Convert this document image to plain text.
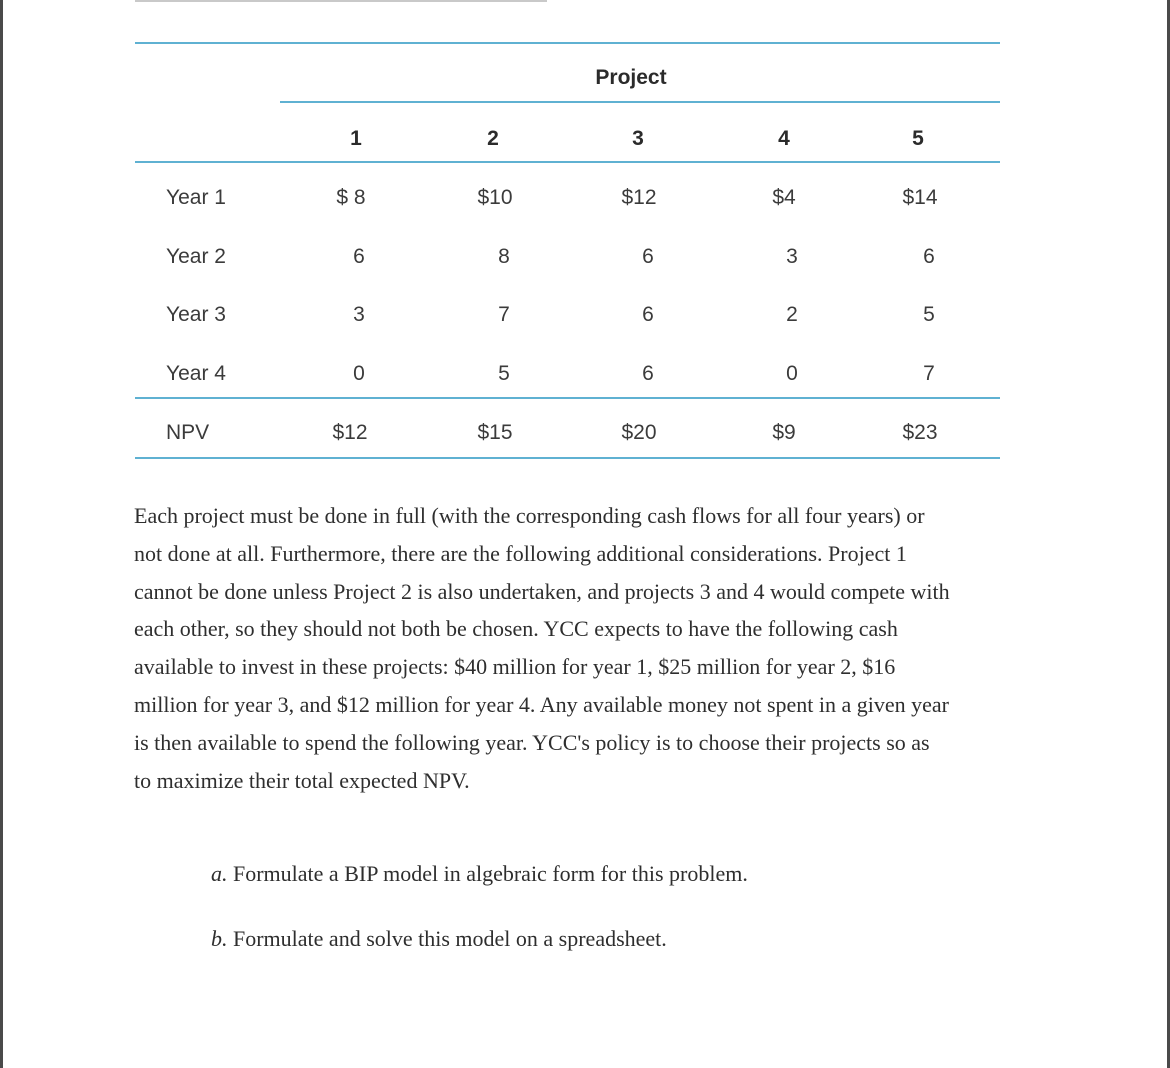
Project
1	2	3	4	5
Year 1	$ 8	$10	$12	$4	$14
Year 2	6	8	6	3	6
Year 3	3	7	6	2	5
Year 4	0	5	6	0	7
NPV	$12	$15	$20	$9	$23
Each project must be done in full (with the corresponding cash flows for all four years) or
not done at all. Furthermore, there are the following additional considerations. Project 1
cannot be done unless Project 2 is also undertaken, and projects 3 and 4 would compete with
each other, so they should not both be chosen. YCC expects to have the following cash
available to invest in these projects: $40 million for year 1, $25 million for year 2, $16
million for year 3, and $12 million for year 4. Any available money not spent in a given year
is then available to spend the following year. YCC's policy is to choose their projects so as
to maximize their total expected NPV.
a. Formulate a BIP model in algebraic form for this problem.
b. Formulate and solve this model on a spreadsheet.
